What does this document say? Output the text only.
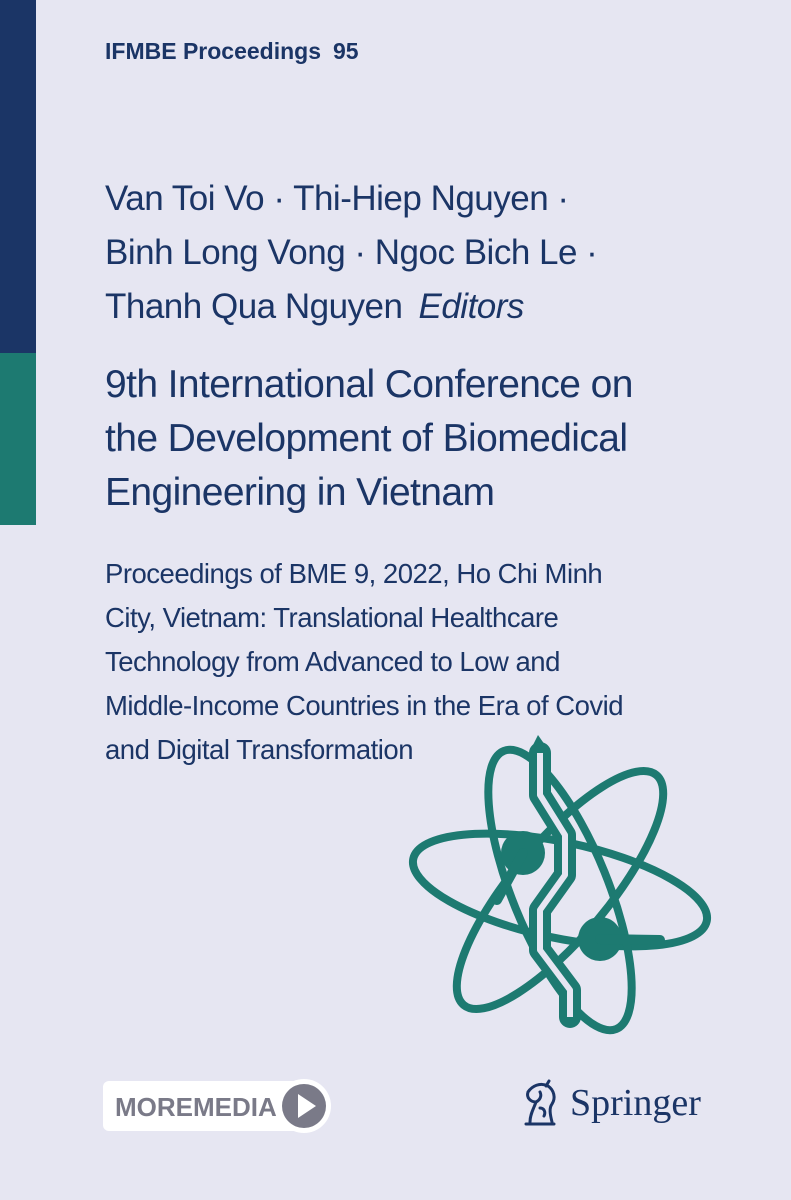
IFMBE Proceedings 95
Van Toi Vo · Thi-Hiep Nguyen ·
Binh Long Vong · Ngoc Bich Le ·
Thanh Qua Nguyen Editors
9th International Conference on
the Development of Biomedical
Engineering in Vietnam
Proceedings of BME 9, 2022, Ho Chi Minh
City, Vietnam: Translational Healthcare
Technology from Advanced to Low and
Middle-Income Countries in the Era of Covid
and Digital Transformation
MOREMEDIA	Springer
